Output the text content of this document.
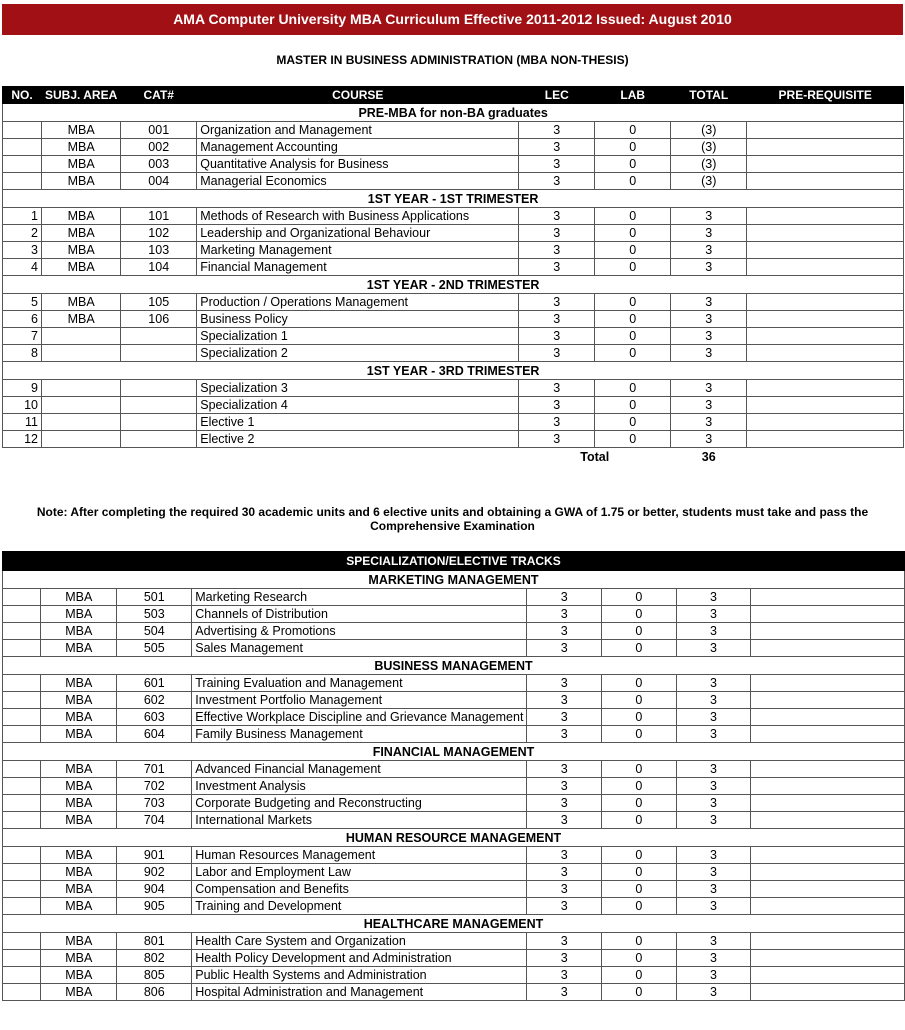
AMA Computer University MBA Curriculum Effective 2011-2012 Issued: August 2010
MASTER IN BUSINESS ADMINISTRATION (MBA NON-THESIS)
NO.	SUBJ. AREA	CAT#	COURSE	LEC	LAB	TOTAL	PRE-REQUISITE
PRE-MBA for non-BA graduates							
	MBA	001	Organization and Management	3	0	(3)	
	MBA	002	Management Accounting	3	0	(3)	
	MBA	003	Quantitative Analysis for Business	3	0	(3)	
	MBA	004	Managerial Economics	3	0	(3)	
1ST YEAR - 1ST TRIMESTER							
1	MBA	101	Methods of Research with Business Applications	3	0	3	
2	MBA	102	Leadership and Organizational Behaviour	3	0	3	
3	MBA	103	Marketing Management	3	0	3	
4	MBA	104	Financial Management	3	0	3	
1ST YEAR - 2ND TRIMESTER							
5	MBA	105	Production / Operations Management	3	0	3	
6	MBA	106	Business Policy	3	0	3	
7			Specialization 1	3	0	3	
8			Specialization 2	3	0	3	
1ST YEAR - 3RD TRIMESTER							
9			Specialization 3	3	0	3	
10			Specialization 4	3	0	3	
11			Elective 1	3	0	3	
12			Elective 2	3	0	3	
				Total		36	
Note: After completing the required 30 academic units and 6 elective units and obtaining a GWA of 1.75 or better, students must take and pass the Comprehensive Examination
SPECIALIZATION/ELECTIVE TRACKS							
MARKETING MANAGEMENT							
	MBA	501	Marketing Research	3	0	3	
	MBA	503	Channels of Distribution	3	0	3	
	MBA	504	Advertising & Promotions	3	0	3	
	MBA	505	Sales Management	3	0	3	
BUSINESS MANAGEMENT							
	MBA	601	Training Evaluation and Management	3	0	3	
	MBA	602	Investment Portfolio Management	3	0	3	
	MBA	603	Effective Workplace Discipline and Grievance Management	3	0	3	
	MBA	604	Family Business Management	3	0	3	
FINANCIAL MANAGEMENT							
	MBA	701	Advanced Financial Management	3	0	3	
	MBA	702	Investment Analysis	3	0	3	
	MBA	703	Corporate Budgeting and Reconstructing	3	0	3	
	MBA	704	International Markets	3	0	3	
HUMAN RESOURCE MANAGEMENT							
	MBA	901	Human Resources Management	3	0	3	
	MBA	902	Labor and Employment Law	3	0	3	
	MBA	904	Compensation and Benefits	3	0	3	
	MBA	905	Training and Development	3	0	3	
HEALTHCARE MANAGEMENT							
	MBA	801	Health Care System and Organization	3	0	3	
	MBA	802	Health Policy Development and Administration	3	0	3	
	MBA	805	Public Health Systems and Administration	3	0	3	
	MBA	806	Hospital Administration and Management	3	0	3	
